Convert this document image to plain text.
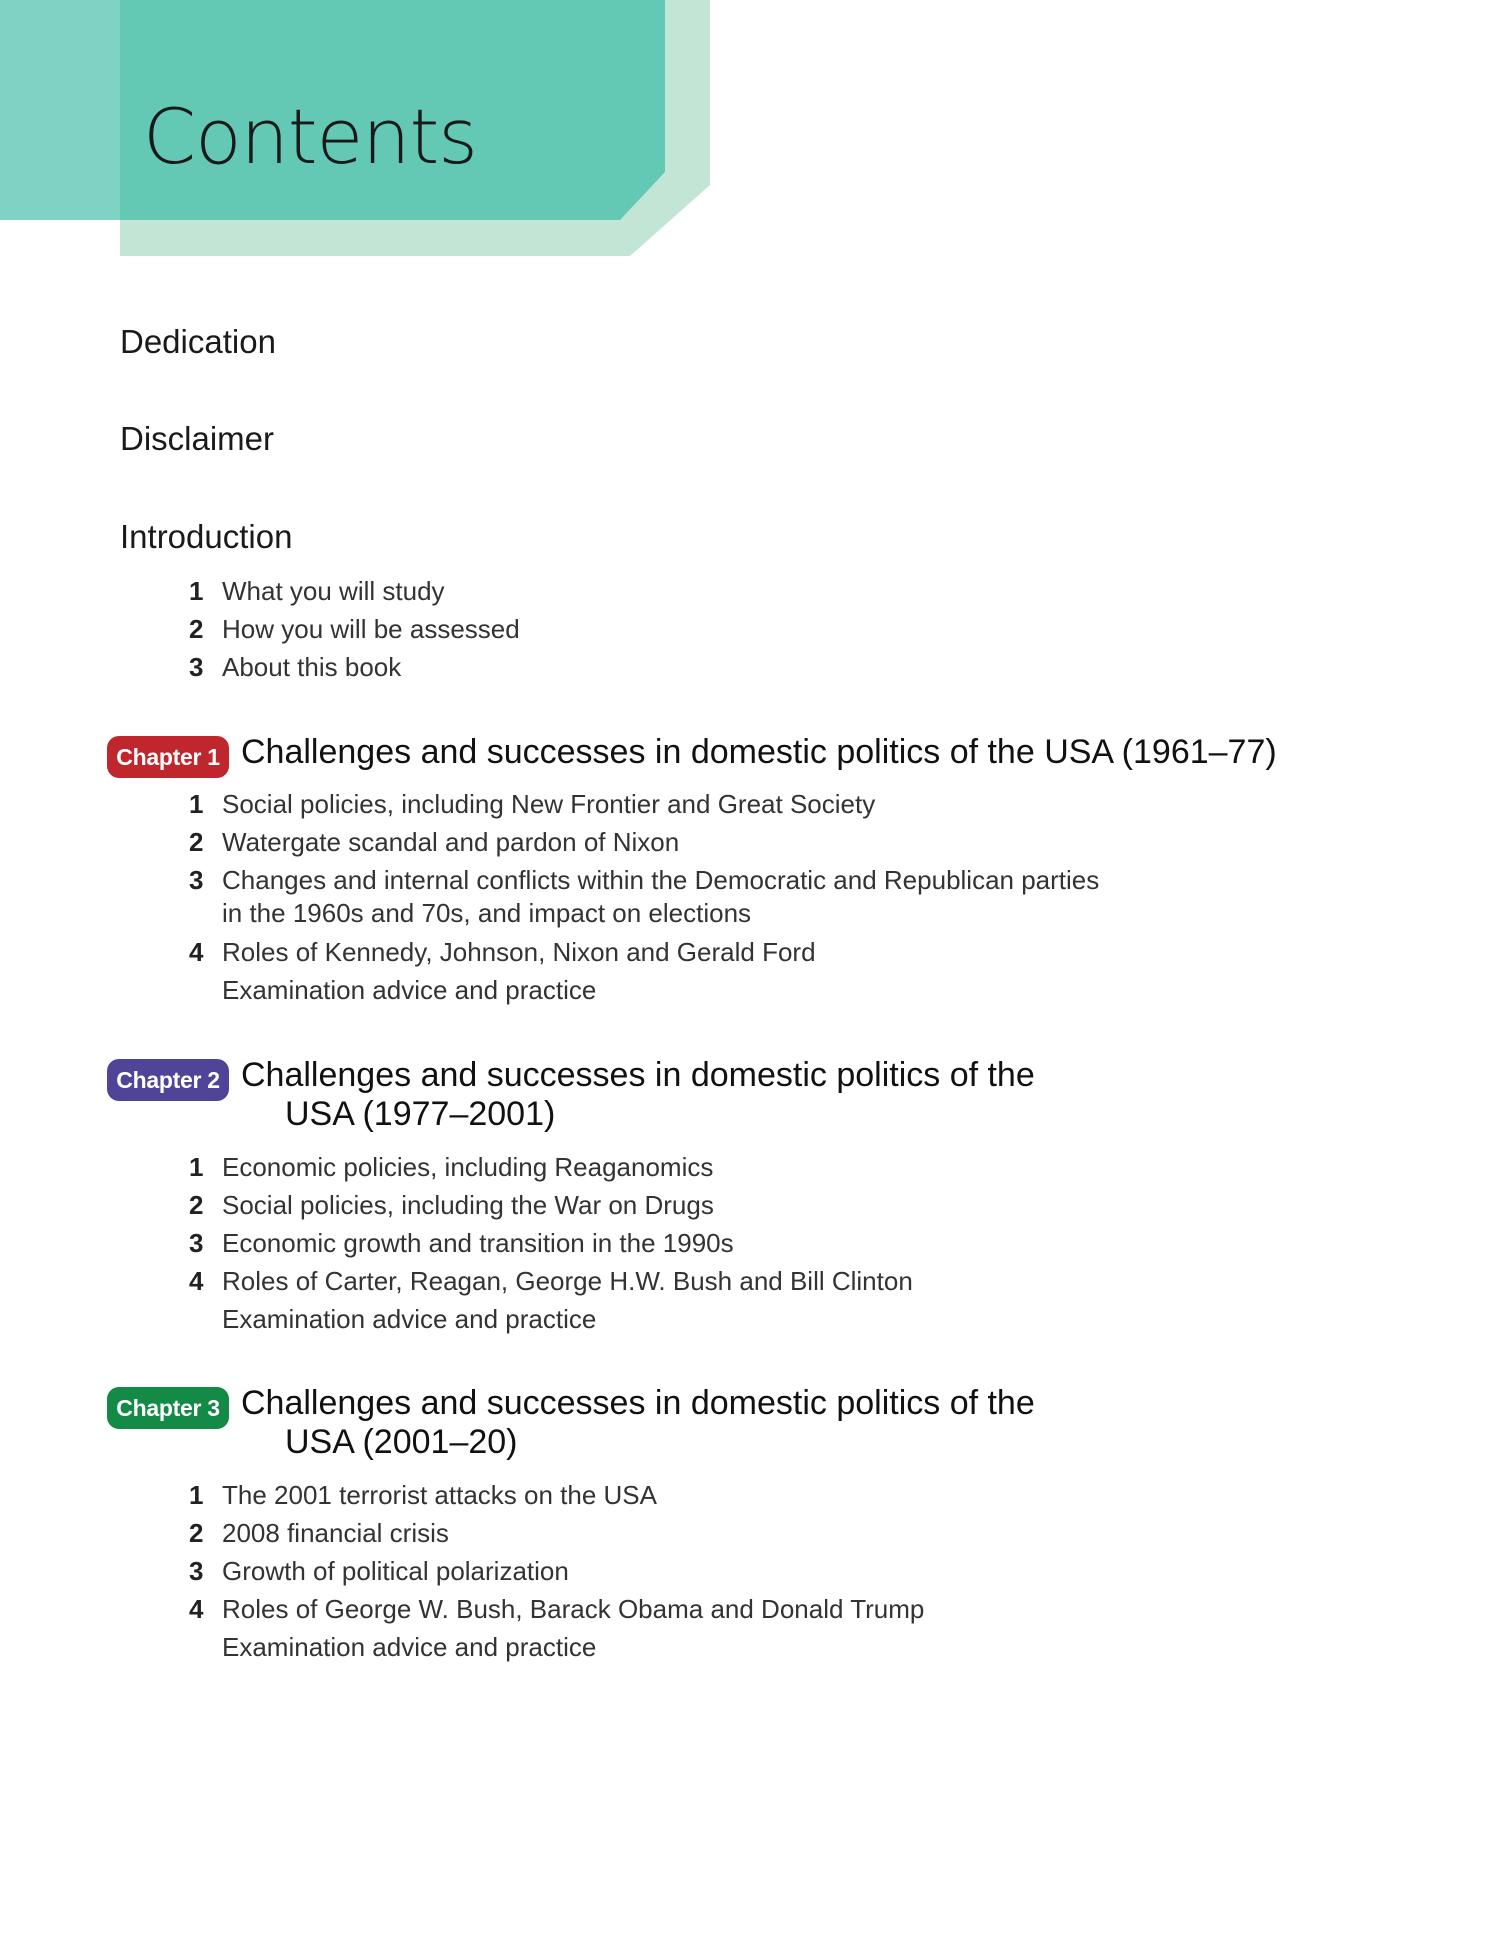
Contents
Dedication
Disclaimer
Introduction
1 What you will study
2 How you will be assessed
3 About this book
Chapter 1 Challenges and successes in domestic politics of the USA (1961–77)
1 Social policies, including New Frontier and Great Society
2 Watergate scandal and pardon of Nixon
3 Changes and internal conflicts within the Democratic and Republican parties in the 1960s and 70s, and impact on elections
4 Roles of Kennedy, Johnson, Nixon and Gerald Ford
Examination advice and practice
Chapter 2 Challenges and successes in domestic politics of the
USA (1977–2001)
1 Economic policies, including Reaganomics
2 Social policies, including the War on Drugs
3 Economic growth and transition in the 1990s
4 Roles of Carter, Reagan, George H.W. Bush and Bill Clinton
Examination advice and practice
Chapter 3 Challenges and successes in domestic politics of the
USA (2001–20)
1 The 2001 terrorist attacks on the USA
2 2008 financial crisis
3 Growth of political polarization
4 Roles of George W. Bush, Barack Obama and Donald Trump
Examination advice and practice
